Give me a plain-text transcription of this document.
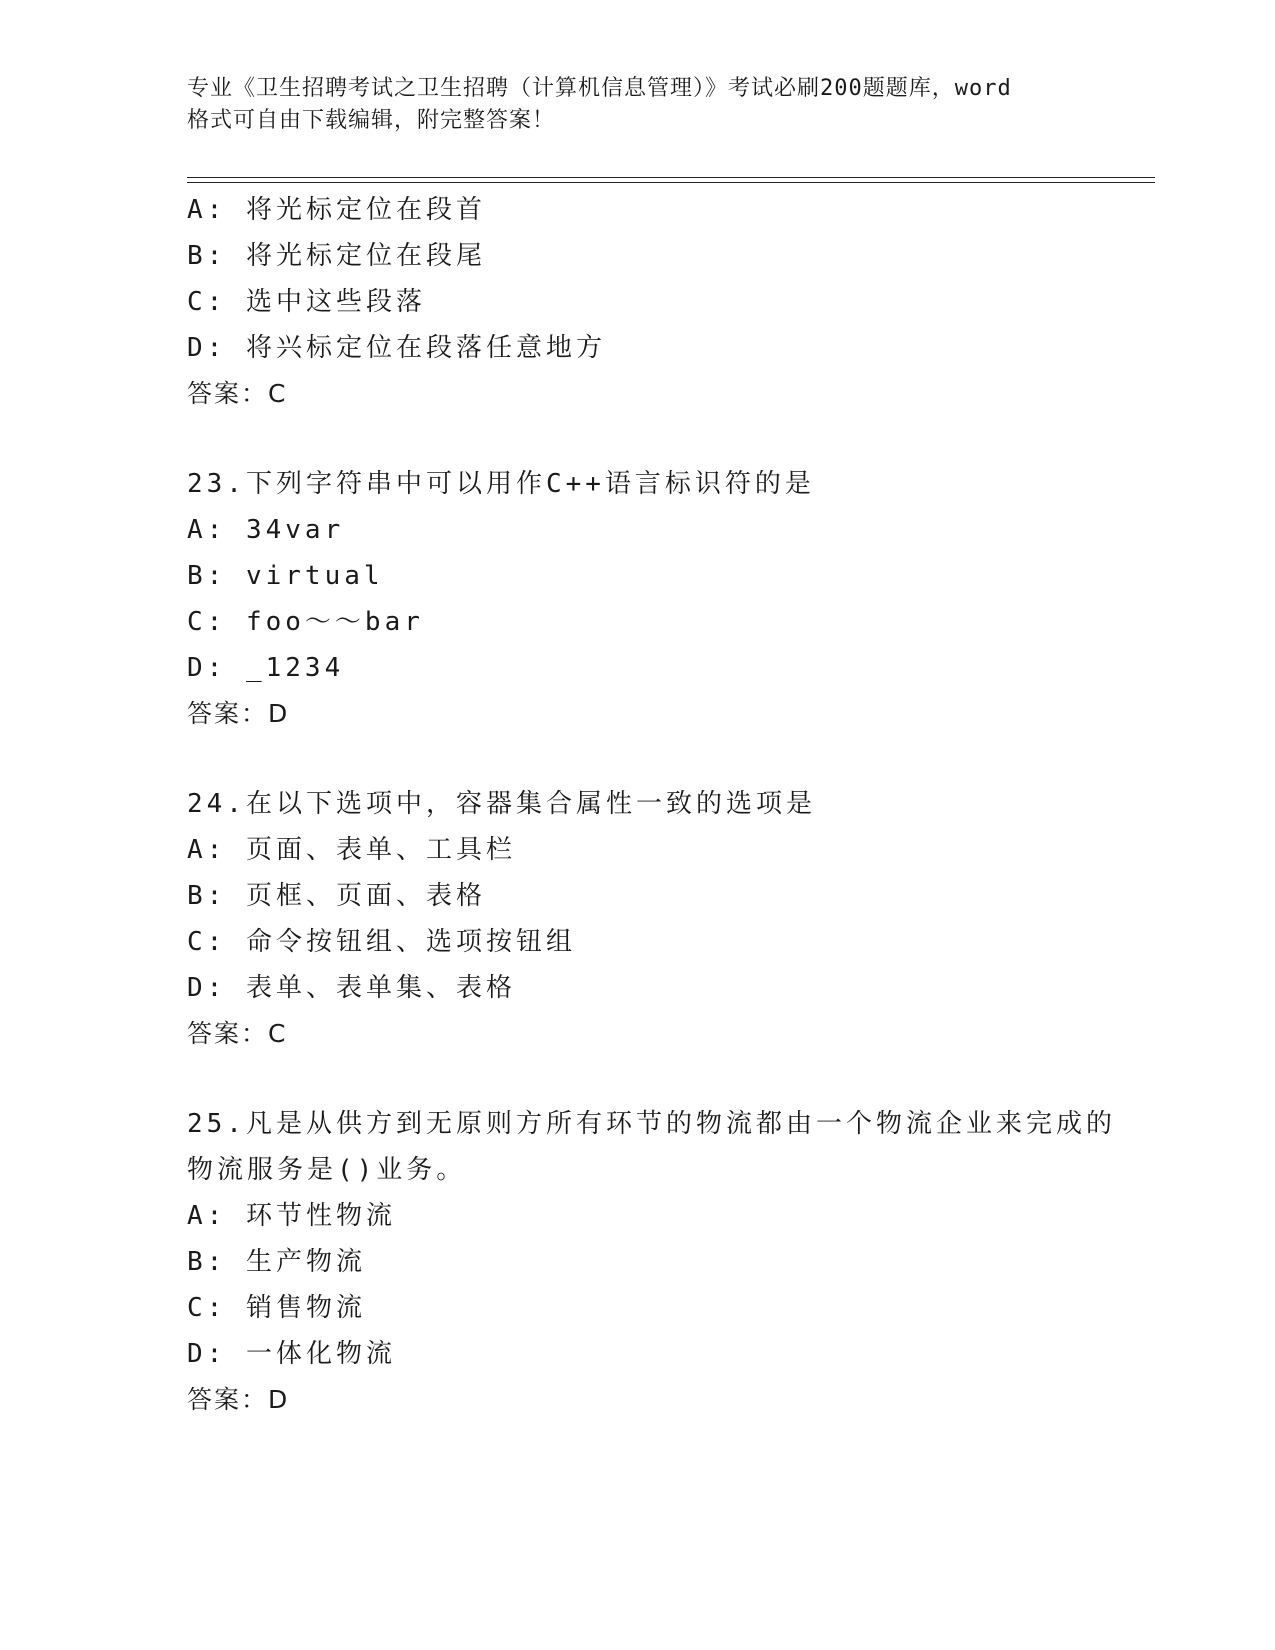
专业《卫生招聘考试之卫生招聘（计算机信息管理）》考试必刷200题题库，word
格式可自由下载编辑，附完整答案！
A: 将光标定位在段首
B: 将光标定位在段尾
C: 选中这些段落
D: 将兴标定位在段落任意地方
答案：C
23.下列字符串中可以用作C++语言标识符的是
A: 34var
B: virtual
C: foo～～bar
D: _1234
答案：D
24.在以下选项中，容器集合属性一致的选项是
A: 页面、表单、工具栏
B: 页框、页面、表格
C: 命令按钮组、选项按钮组
D: 表单、表单集、表格
答案：C
25.凡是从供方到无原则方所有环节的物流都由一个物流企业来完成的
物流服务是()业务。
A: 环节性物流
B: 生产物流
C: 销售物流
D: 一体化物流
答案：D
